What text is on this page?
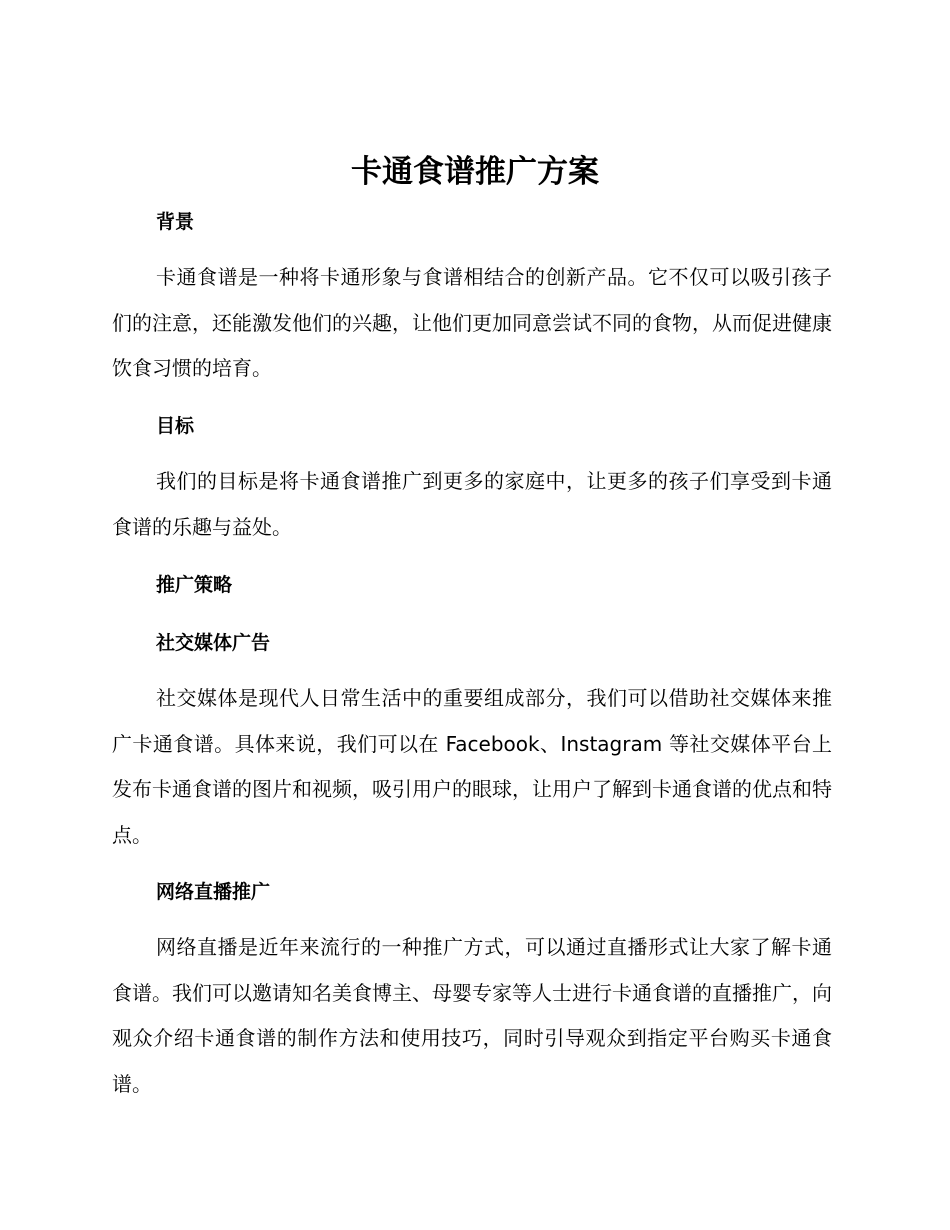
卡通食谱推广方案
背景

卡通食谱是一种将卡通形象与食谱相结合的创新产品。它不仅可以吸引孩子们的注意，还能激发他们的兴趣，让他们更加同意尝试不同的食物，从而促进健康饮食习惯的培育。

目标

我们的目标是将卡通食谱推广到更多的家庭中，让更多的孩子们享受到卡通食谱的乐趣与益处。

推广策略
社交媒体广告

社交媒体是现代人日常生活中的重要组成部分，我们可以借助社交媒体来推广卡通食谱。具体来说，我们可以在 Facebook、Instagram 等社交媒体平台上发布卡通食谱的图片和视频，吸引用户的眼球，让用户了解到卡通食谱的优点和特点。

网络直播推广

网络直播是近年来流行的一种推广方式，可以通过直播形式让大家了解卡通食谱。我们可以邀请知名美食博主、母婴专家等人士进行卡通食谱的直播推广，向观众介绍卡通食谱的制作方法和使用技巧，同时引导观众到指定平台购买卡通食谱。
